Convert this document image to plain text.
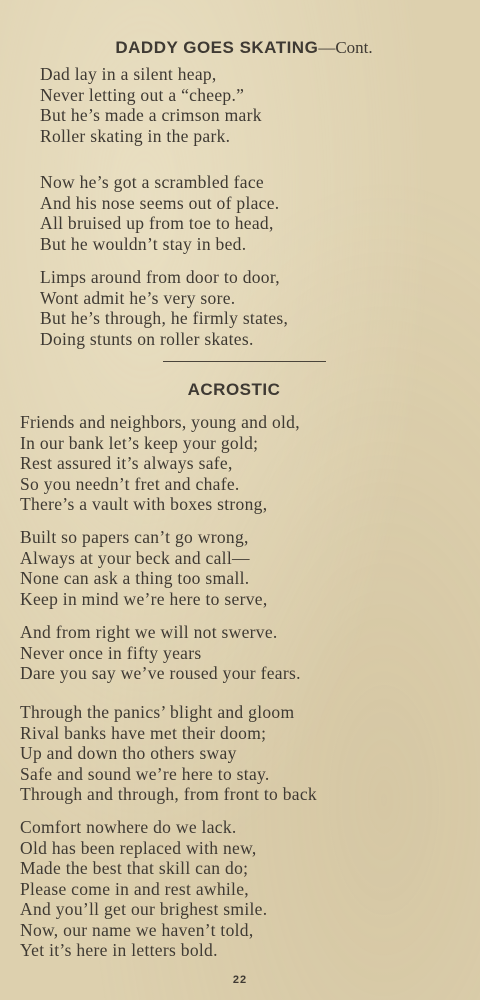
DADDY GOES SKATING—Cont.
Dad lay in a silent heap,
Never letting out a “cheep.”
But he’s made a crimson mark
Roller skating in the park.
Now he’s got a scrambled face
And his nose seems out of place.
All bruised up from toe to head,
But he wouldn’t stay in bed.
Limps around from door to door,
Wont admit he’s very sore.
But he’s through, he firmly states,
Doing stunts on roller skates.
ACROSTIC
Friends and neighbors, young and old,
In our bank let’s keep your gold;
Rest assured it’s always safe,
So you needn’t fret and chafe.
There’s a vault with boxes strong,
Built so papers can’t go wrong,
Always at your beck and call—
None can ask a thing too small.
Keep in mind we’re here to serve,
And from right we will not swerve.
Never once in fifty years
Dare you say we’ve roused your fears.
Through the panics’ blight and gloom
Rival banks have met their doom;
Up and down tho others sway
Safe and sound we’re here to stay.
Through and through, from front to back
Comfort nowhere do we lack.
Old has been replaced with new,
Made the best that skill can do;
Please come in and rest awhile,
And you’ll get our brighest smile.
Now, our name we haven’t told,
Yet it’s here in letters bold.
22
